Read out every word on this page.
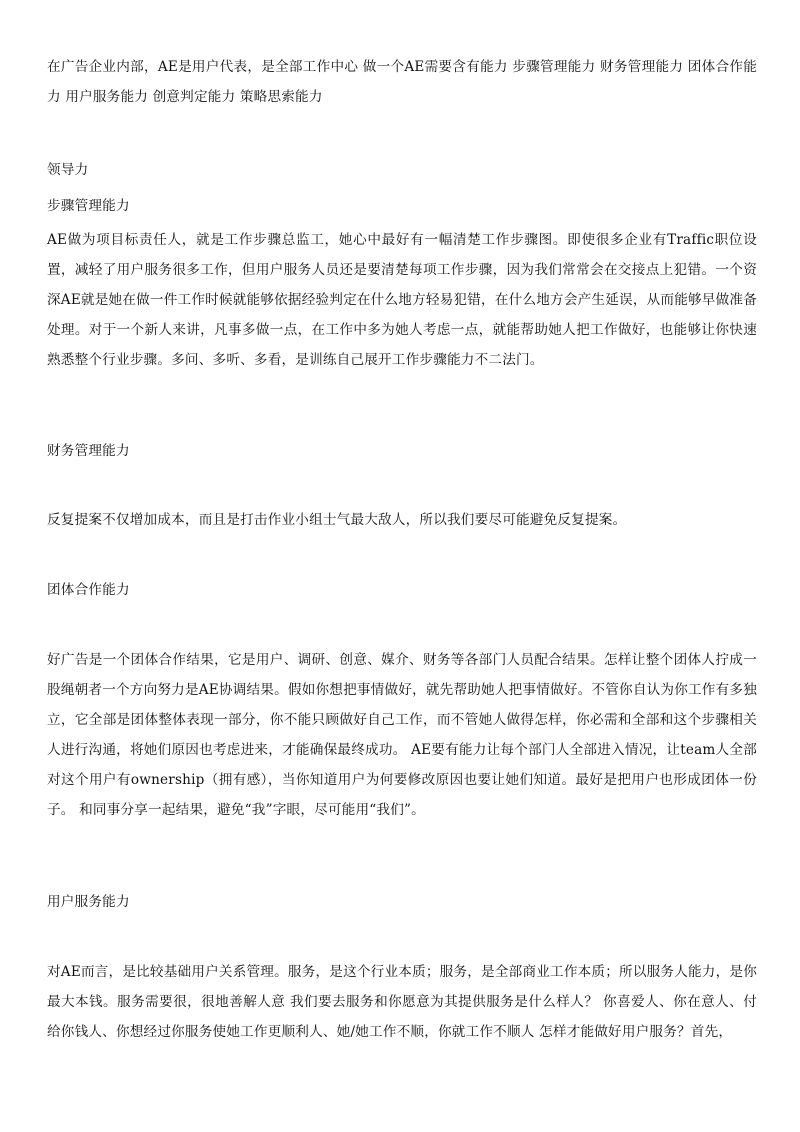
在广告企业内部，AE是用户代表，是全部工作中心 做一个AE需要含有能力 步骤管理能力 财务管理能力 团体合作能力 用户服务能力 创意判定能力 策略思索能力

领导力

步骤管理能力

AE做为项目标责任人，就是工作步骤总监工，她心中最好有一幅清楚工作步骤图。即使很多企业有Traffic职位设置，减轻了用户服务很多工作，但用户服务人员还是要清楚每项工作步骤，因为我们常常会在交接点上犯错。一个资深AE就是她在做一件工作时候就能够依据经验判定在什么地方轻易犯错，在什么地方会产生延误，从而能够早做准备处理。对于一个新人来讲，凡事多做一点，在工作中多为她人考虑一点，就能帮助她人把工作做好，也能够让你快速熟悉整个行业步骤。多问、多听、多看，是训练自己展开工作步骤能力不二法门。

财务管理能力

反复提案不仅增加成本，而且是打击作业小组士气最大敌人，所以我们要尽可能避免反复提案。

团体合作能力

好广告是一个团体合作结果，它是用户、调研、创意、媒介、财务等各部门人员配合结果。怎样让整个团体人拧成一股绳朝者一个方向努力是AE协调结果。假如你想把事情做好，就先帮助她人把事情做好。不管你自认为你工作有多独立，它全部是团体整体表现一部分，你不能只顾做好自己工作，而不管她人做得怎样，你必需和全部和这个步骤相关人进行沟通，将她们原因也考虑进来，才能确保最终成功。 AE要有能力让每个部门人全部进入情况，让team人全部对这个用户有ownership（拥有感），当你知道用户为何要修改原因也要让她们知道。最好是把用户也形成团体一份子。 和同事分享一起结果，避免“我”字眼，尽可能用“我们”。

用户服务能力

对AE而言，是比较基础用户关系管理。服务，是这个行业本质；服务，是全部商业工作本质；所以服务人能力，是你最大本钱。服务需要很，很地善解人意 我们要去服务和你愿意为其提供服务是什么样人？ 你喜爱人、你在意人、付给你钱人、你想经过你服务使她工作更顺利人、她/她工作不顺，你就工作不顺人 怎样才能做好用户服务？首先，
